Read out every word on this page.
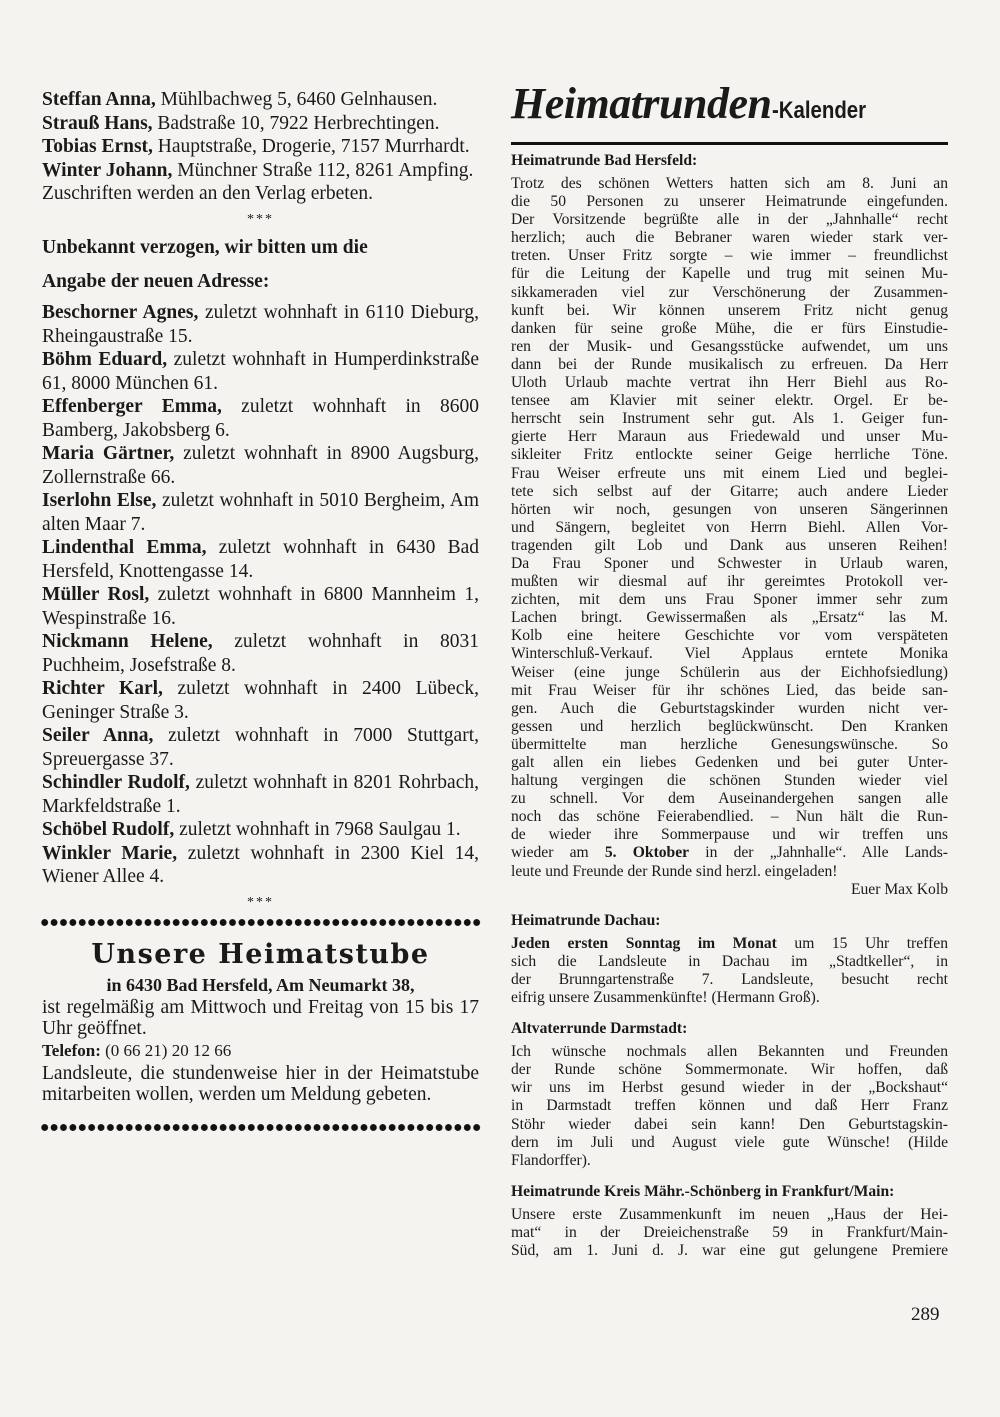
Steffan Anna, Mühlbachweg 5, 6460 Gelnhausen.

Strauß Hans, Badstraße 10, 7922 Herbrechtingen.

Tobias Ernst, Hauptstraße, Drogerie, 7157 Murrhardt.

Winter Johann, Münchner Straße 112, 8261 Ampfing.

Zuschriften werden an den Verlag erbeten.

***

Unbekannt verzogen, wir bitten um die

Angabe der neuen Adresse:

Beschorner Agnes, zuletzt wohnhaft in 6110 Dieburg, Rheingaustraße 15.

Böhm Eduard, zuletzt wohnhaft in Humperdinkstraße 61, 8000 München 61.

Effenberger Emma, zuletzt wohnhaft in 8600 Bamberg, Jakobsberg 6.

Maria Gärtner, zuletzt wohnhaft in 8900 Augsburg, Zollernstraße 66.

Iserlohn Else, zuletzt wohnhaft in 5010 Bergheim, Am alten Maar 7.

Lindenthal Emma, zuletzt wohnhaft in 6430 Bad Hersfeld, Knottengasse 14.

Müller Rosl, zuletzt wohnhaft in 6800 Mannheim 1, Wespinstraße 16.

Nickmann Helene, zuletzt wohnhaft in 8031 Puchheim, Josefstraße 8.

Richter Karl, zuletzt wohnhaft in 2400 Lübeck, Geninger Straße 3.

Seiler Anna, zuletzt wohnhaft in 7000 Stuttgart, Spreuergasse 37.

Schindler Rudolf, zuletzt wohnhaft in 8201 Rohrbach, Markfeldstraße 1.

Schöbel Rudolf, zuletzt wohnhaft in 7968 Saulgau 1.

Winkler Marie, zuletzt wohnhaft in 2300 Kiel 14, Wiener Allee 4.

***

Unsere Heimatstube
in 6430 Bad Hersfeld, Am Neumarkt 38,

ist regelmäßig am Mittwoch und Freitag von 15 bis 17 Uhr geöffnet.

Telefon: (0 66 21) 20 12 66

Landsleute, die stundenweise hier in der Heimatstube mitarbeiten wollen, werden um Meldung gebeten.

Heimatrunden-Kalender
Heimatrunde Bad Hersfeld:
Trotz des schönen Wetters hatten sich am 8. Juni an
die 50 Personen zu unserer Heimatrunde eingefunden.
Der Vorsitzende begrüßte alle in der „Jahnhalle“ recht
herzlich; auch die Bebraner waren wieder stark ver-
treten. Unser Fritz sorgte – wie immer – freundlichst
für die Leitung der Kapelle und trug mit seinen Mu-
sikkameraden viel zur Verschönerung der Zusammen-
kunft bei. Wir können unserem Fritz nicht genug
danken für seine große Mühe, die er fürs Einstudie-
ren der Musik- und Gesangsstücke aufwendet, um uns
dann bei der Runde musikalisch zu erfreuen. Da Herr
Uloth Urlaub machte vertrat ihn Herr Biehl aus Ro-
tensee am Klavier mit seiner elektr. Orgel. Er be-
herrscht sein Instrument sehr gut. Als 1. Geiger fun-
gierte Herr Maraun aus Friedewald und unser Mu-
sikleiter Fritz entlockte seiner Geige herrliche Töne.
Frau Weiser erfreute uns mit einem Lied und beglei-
tete sich selbst auf der Gitarre; auch andere Lieder
hörten wir noch, gesungen von unseren Sängerinnen
und Sängern, begleitet von Herrn Biehl. Allen Vor-
tragenden gilt Lob und Dank aus unseren Reihen!
Da Frau Sponer und Schwester in Urlaub waren,
mußten wir diesmal auf ihr gereimtes Protokoll ver-
zichten, mit dem uns Frau Sponer immer sehr zum
Lachen bringt. Gewissermaßen als „Ersatz“ las M.
Kolb eine heitere Geschichte vor vom verspäteten
Winterschluß-Verkauf. Viel Applaus erntete Monika
Weiser (eine junge Schülerin aus der Eichhofsiedlung)
mit Frau Weiser für ihr schönes Lied, das beide san-
gen. Auch die Geburtstagskinder wurden nicht ver-
gessen und herzlich beglückwünscht. Den Kranken
übermittelte man herzliche Genesungswünsche. So
galt allen ein liebes Gedenken und bei guter Unter-
haltung vergingen die schönen Stunden wieder viel
zu schnell. Vor dem Auseinandergehen sangen alle
noch das schöne Feierabendlied. – Nun hält die Run-
de wieder ihre Sommerpause und wir treffen uns
wieder am 5. Oktober in der „Jahnhalle“. Alle Lands-
leute und Freunde der Runde sind herzl. eingeladen!
Euer Max Kolb
Heimatrunde Dachau:
Jeden ersten Sonntag im Monat um 15 Uhr treffen
sich die Landsleute in Dachau im „Stadtkeller“, in
der Brunngartenstraße 7. Landsleute, besucht recht
eifrig unsere Zusammenkünfte! (Hermann Groß).
Altvaterrunde Darmstadt:
Ich wünsche nochmals allen Bekannten und Freunden
der Runde schöne Sommermonate. Wir hoffen, daß
wir uns im Herbst gesund wieder in der „Bockshaut“
in Darmstadt treffen können und daß Herr Franz
Stöhr wieder dabei sein kann! Den Geburtstagskin-
dern im Juli und August viele gute Wünsche! (Hilde
Flandorffer).
Heimatrunde Kreis Mähr.-Schönberg in Frankfurt/Main:
Unsere erste Zusammenkunft im neuen „Haus der Hei-
mat“ in der Dreieichenstraße 59 in Frankfurt/Main-
Süd, am 1. Juni d. J. war eine gut gelungene Premiere
289
